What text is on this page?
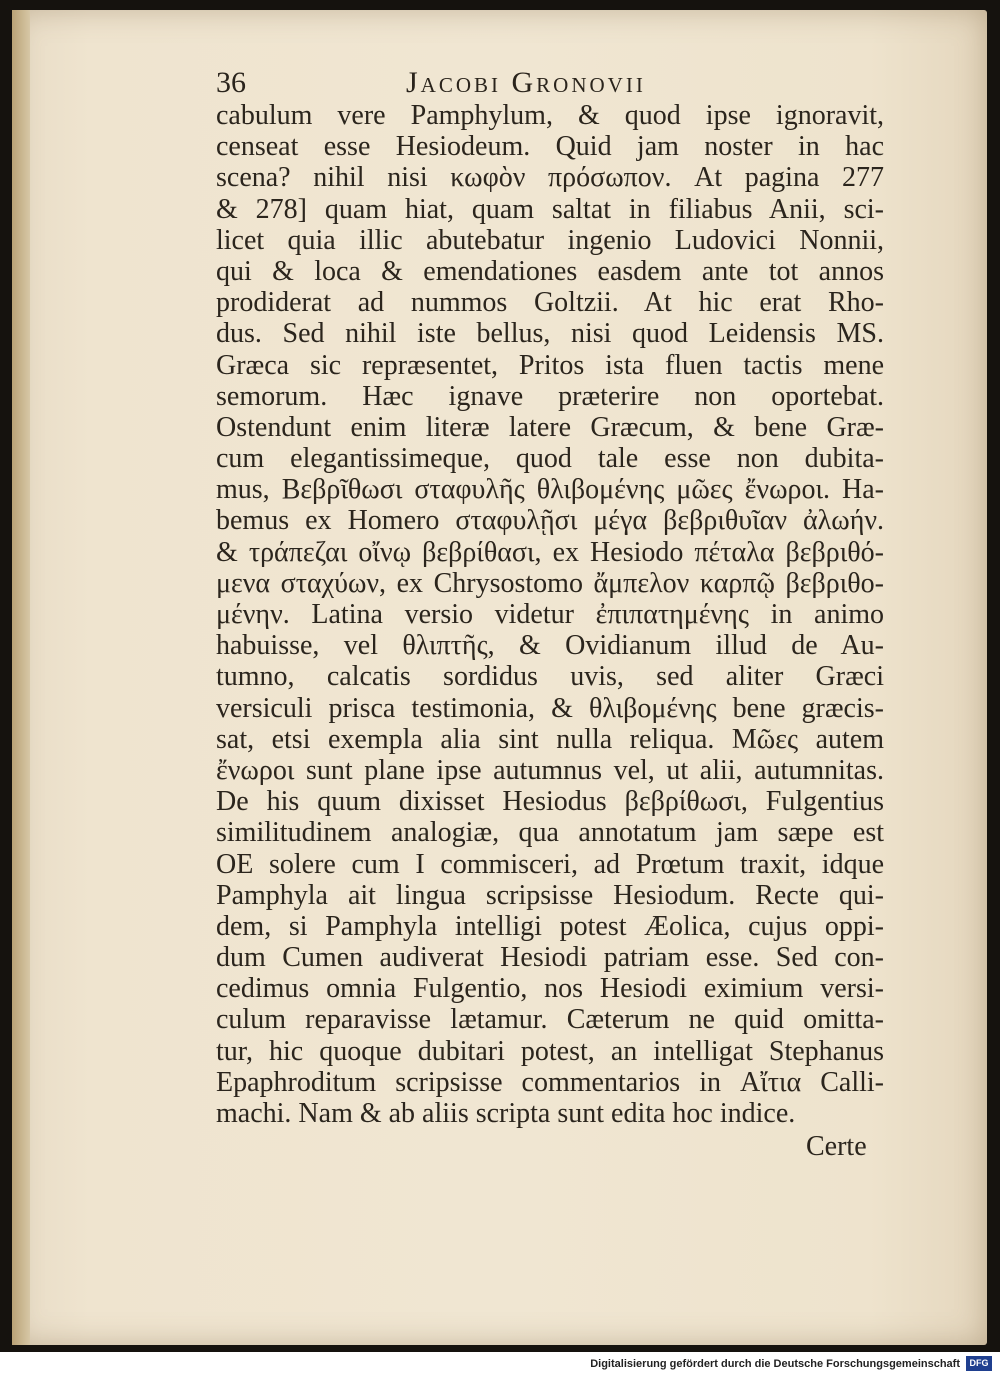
36	Jacobi Gronovii
cabulum vere Pamphylum, & quod ipse ignoravit,
censeat esse Hesiodeum. Quid jam noster in hac
scena? nihil nisi κωφὸν πρόσωπον. At pagina 277
& 278] quam hiat, quam saltat in filiabus Anii, sci-
licet quia illic abutebatur ingenio Ludovici Nonnii,
qui & loca & emendationes easdem ante tot annos
prodiderat ad nummos Goltzii. At hic erat Rho-
dus. Sed nihil iste bellus, nisi quod Leidensis MS.
Græca sic repræsentet, Pritos ista fluen tactis mene
semorum. Hæc ignave præterire non oportebat.
Ostendunt enim literæ latere Græcum, & bene Græ-
cum elegantissimeque, quod tale esse non dubita-
mus, Βεβρῖθωσι σταφυλῆς θλιβομένης μῶες ἔνωροι. Ha-
bemus ex Homero σταφυλῇσι μέγα βεβριθυῖαν ἀλωήν.
& τράπεζαι οἴνῳ βεβρίθασι, ex Hesiodo πέταλα βεβριθό-
μενα σταχύων, ex Chrysostomo ἄμπελον καρπῷ βεβριθο-
μένην. Latina versio videtur ἐπιπατημένης in animo
habuisse, vel θλιπτῆς, & Ovidianum illud de Au-
tumno, calcatis sordidus uvis, sed aliter Græci
versiculi prisca testimonia, & θλιβομένης bene græcis-
sat, etsi exempla alia sint nulla reliqua. Μῶες autem
ἔνωροι sunt plane ipse autumnus vel, ut alii, autumnitas.
De his quum dixisset Hesiodus βεβρίθωσι, Fulgentius
similitudinem analogiæ, qua annotatum jam sæpe est
OE solere cum I commisceri, ad Prœtum traxit, idque
Pamphyla ait lingua scripsisse Hesiodum. Recte qui-
dem, si Pamphyla intelligi potest Æolica, cujus oppi-
dum Cumen audiverat Hesiodi patriam esse. Sed con-
cedimus omnia Fulgentio, nos Hesiodi eximium versi-
culum reparavisse lætamur. Cæterum ne quid omitta-
tur, hic quoque dubitari potest, an intelligat Stephanus
Epaphroditum scripsisse commentarios in Αἴτια Calli-
machi. Nam & ab aliis scripta sunt edita hoc indice.
Certe
Digitalisierung gefördert durch die Deutsche Forschungsgemeinschaft	DFG
